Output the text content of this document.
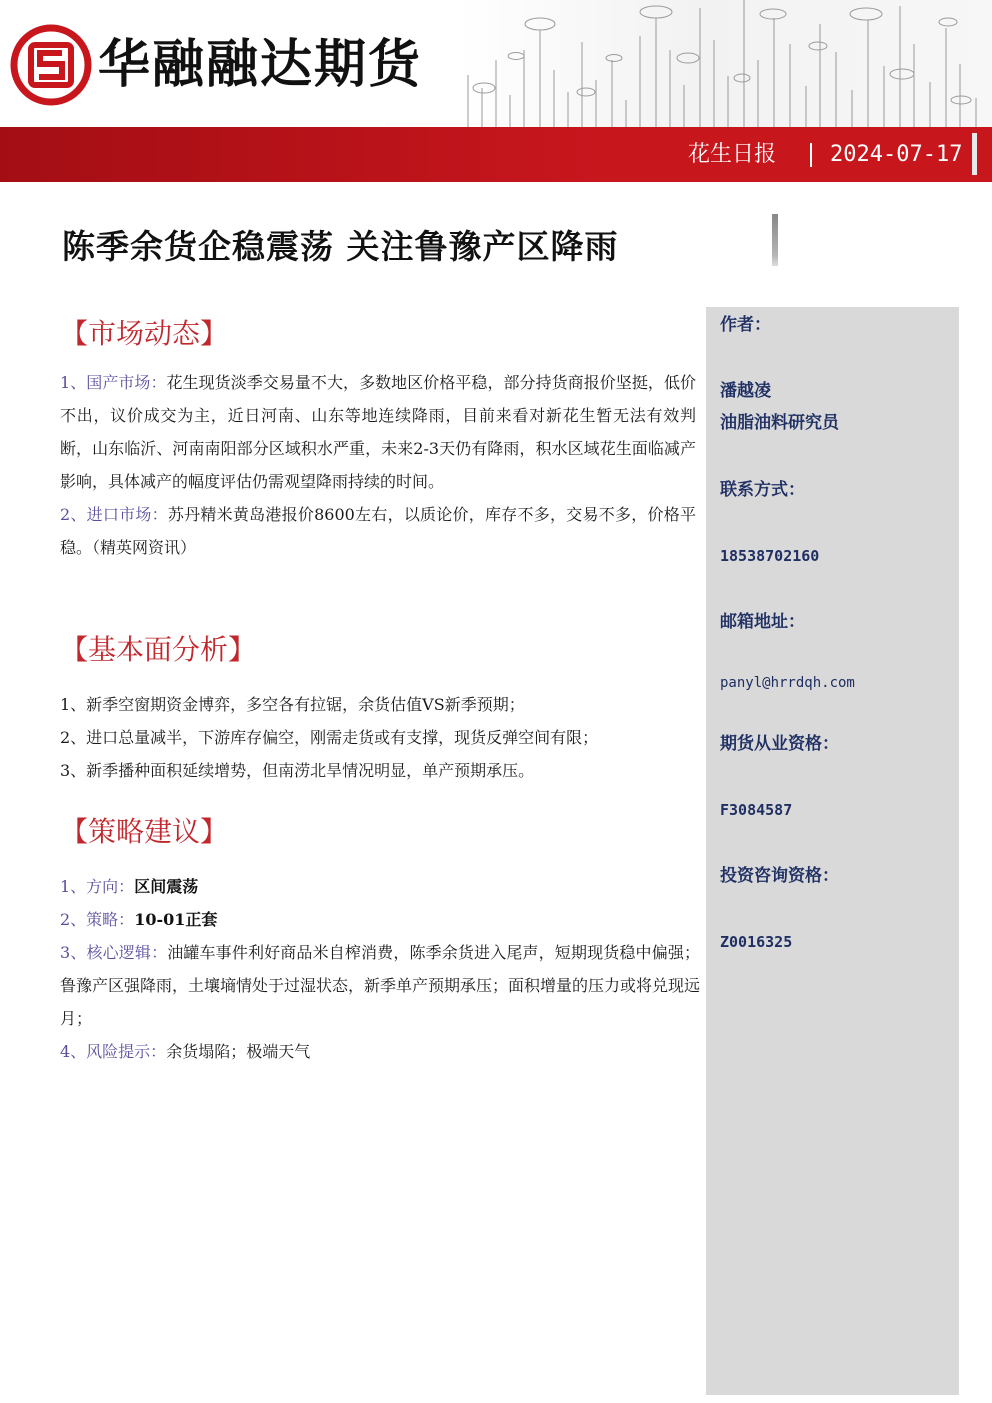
华融融达期货
花生日报 2024-07-17
陈季余货企稳震荡 关注鲁豫产区降雨
【市场动态】

1、国产市场：花生现货淡季交易量不大，多数地区价格平稳，部分持货商报价坚挺，低价不出，议价成交为主，近日河南、山东等地连续降雨，目前来看对新花生暂无法有效判断，山东临沂、河南南阳部分区域积水严重，未来2-3天仍有降雨，积水区域花生面临减产影响，具体减产的幅度评估仍需观望降雨持续的时间。

2、进口市场：苏丹精米黄岛港报价8600左右，以质论价，库存不多，交易不多，价格平稳。（精英网资讯）

【基本面分析】

1、新季空窗期资金博弈，多空各有拉锯，余货估值VS新季预期；

2、进口总量减半，下游库存偏空，刚需走货或有支撑，现货反弹空间有限；

3、新季播种面积延续增势，但南涝北旱情况明显，单产预期承压。

【策略建议】

1、方向：区间震荡

2、策略：10-01正套

3、核心逻辑：油罐车事件利好商品米自榨消费，陈季余货进入尾声，短期现货稳中偏强；鲁豫产区强降雨，土壤墒情处于过湿状态，新季单产预期承压；面积增量的压力或将兑现远月；

4、风险提示：余货塌陷；极端天气

作者：
潘越凌
油脂油料研究员
联系方式：
18538702160
邮箱地址：
panyl@hrrdqh.com
期货从业资格：
F3084587
投资咨询资格：
Z0016325
